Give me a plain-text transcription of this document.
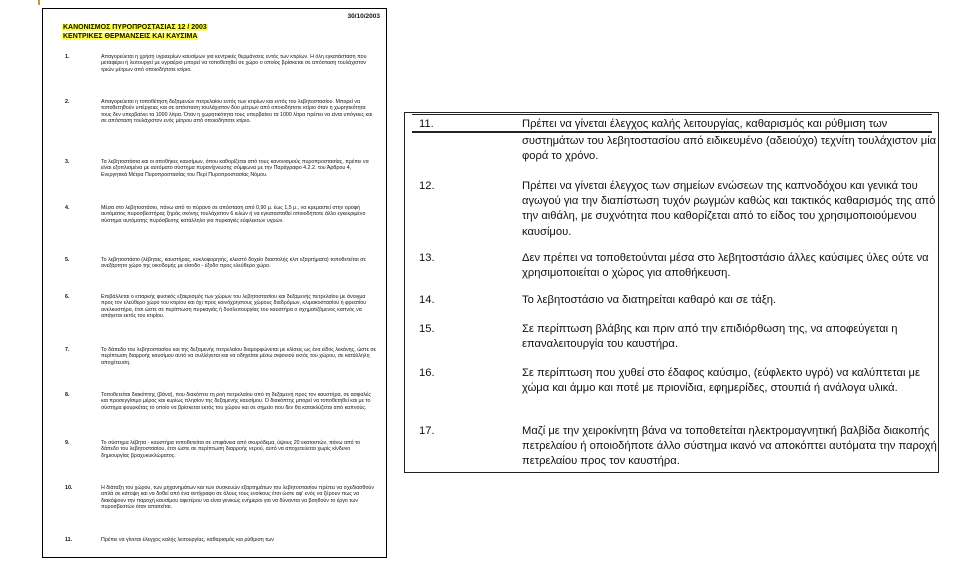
30/10/2003
ΚΑΝΟΝΙΣΜΟΣ ΠΥΡΟΠΡΟΣΤΑΣΙΑΣ 12 / 2003
ΚΕΝΤΡΙΚΕΣ ΘΕΡΜΑΝΣΕΙΣ ΚΑΙ ΚΑΥΣΙΜΑ
1.	Απαγορεύεται η χρήση υγραερίων καυσίμων για κεντρικές θερμάνσεις εντός των κτιρίων. Η όλη εγκατάσταση που μεταφέρει ή λειτουργεί με υγραέριο μπορεί να τοποθετηθεί σε χώρο ο οποίος βρίσκεται σε απόσταση τουλάχιστον τριών μέτρων από οποιοδήποτε κτίριο.
2.	Απαγορεύεται η τοποθέτηση δεξαμενών πετρελαίου εντός των κτιρίων και εντός του λεβητοστασίου. Μπορεί να τοποθετηθούν υπέργειες και σε απόσταση τουλάχιστον δύο μέτρων από οποιοδήποτε κτίριο όταν η χωρητικότητα τους δεν υπερβαίνει τα 1000 λίτρα. Όταν η χωρητικότητα τους υπερβαίνει τα 1000 λίτρα πρέπει να είναι υπόγειες και σε απόσταση τουλάχιστον ενός μέτρου από οποιοδήποτε κτίριο.
3.	Τα λεβητοστάσια και οι αποθήκες καυσίμων, όπου καθορίζεται από τους κανονισμούς πυροπροστασίας, πρέπει να είναι εξοπλισμένα με αυτόματο σύστημα πυρανίχνευσης σύμφωνα με την Παράγραφο 4.2.2. του Άρθρου 4, Ενεργητικά Μέτρα Πυροπροστασίας του Περί Πυροπροστασίας Νόμου.
4.	Μέσα στο λεβητοστάσιο, πάνω από το πύρανο σε απόσταση από 0,90 μ. έως 1,5 μ., να κρεμαστεί στην οροφή αυτόματος πυροσβεστήρας ξηράς σκόνης τουλάχιστον 6 κιλών ή να εγκατασταθεί οποιοδήποτε άλλο εγκεκριμένο σύστημα αυτόματης πυρόσβεσης κατάλληλο για πυρκαγιές εύφλεκτων υγρών.
5.	Το λεβητοστάσιο (λέβητας, καυστήρας, κυκλοφορητής, κλειστό δοχείο διαστολής κλπ εξαρτήματα) τοποθετείται σε ανεξάρτητο χώρο της οικοδομής με είσοδο - έξοδο προς ελεύθερο χώρο.
6.	Επιβάλλεται ο επαρκής φυσικός εξαερισμός των χώρων του λεβητοστασίου και δεξαμενής πετρελαίου με άνοιγμα προς τον ελεύθερο χώρο του κτιρίου και όχι προς κοινόχρηστους χώρους διαδρόμων, κλιμακοστασίου ή φρεατίου ανελκυστήρα, έτσι ώστε σε περίπτωση πυρκαγιάς ή δυσλειτουργίας του καυστήρα ο σχηματιζόμενος καπνός να απάγεται εκτός του κτιρίου.
7.	Το δάπεδο του λεβητοστασίου και της δεξαμενής πετρελαίου διαμορφώνεται με κλίσεις ως ένα είδος λεκάνης, ώστε σε περίπτωση διαρροής καυσίμου αυτό να συλλέγεται και να οδηγείται μέσω σιφονιού εκτός του χώρου, σε κατάλληλη αποχέτευση.
8.	Τοποθετείται διακόπτης (βάνα), που διακόπτει τη ροή πετρελαίου από τη δεξαμενή προς τον καυστήρα, σε ασφαλές και προσεγγίσιμο μέρος και κυρίως πλησίον της δεξαμενής καυσίμου. Ο διακόπτης μπορεί να τοποθετηθεί και με το σύστημα φουρκέτας το οποίο να βρίσκεται εκτός του χώρου και σε σημείο που δεν θα κατακλύζεται από καπνούς.
9.	Το σύστημα λέβητα - καυστήρα τοποθετείται σε επιφάνεια από σκυρόδεμα, ύψους 20 εκατοστών, πάνω από το δάπεδο του λεβητοστασίου, έτσι ώστε σε περίπτωση διαρροής νερού, αυτό να αποχετεύεται χωρίς κίνδυνο δημιουργίας βραχυκυκλώματος.
10.	Η διάταξη του χώρου, των μηχανημάτων και των συσκευών εξαρτημάτων του λεβητοστασίου πρέπει να σχεδιασθούν απλά σε κάτοψη και να δοθεί από ένα αντίγραφο σε όλους τους ενοίκους έτσι ώστε αφ' ενός να ξέρουν πως να διακόψουν την παροχή καυσίμου αφετέρου να είναι γενικώς ενήμεροι για να δύνανται να βοηθούν το έργο των πυροσβεστών όταν απαιτείται.
11.	Πρέπει να γίνεται έλεγχος καλής λειτουργίας, καθαρισμός και ρύθμιση των
11.	Πρέπει να γίνεται έλεγχος καλής λειτουργίας, καθαρισμός και ρύθμιση των
συστημάτων του λεβητοστασίου από ειδικευμένο (αδειούχο) τεχνίτη τουλάχιστον μία φορά το χρόνο.
12.	Πρέπει να γίνεται έλεγχος των σημείων ενώσεων της καπνοδόχου και γενικά του αγωγού για την διαπίστωση τυχόν ρωγμών καθώς και τακτικός καθαρισμός της από την αιθάλη, με συχνότητα που καθορίζεται από το είδος του χρησιμοποιούμενου καυσίμου.
13.	Δεν πρέπει να τοποθετούνται μέσα στο λεβητοστάσιο άλλες καύσιμες ύλες ούτε να χρησιμοποιείται ο χώρος για αποθήκευση.
14.	Το λεβητοστάσιο να διατηρείται καθαρό και σε τάξη.
15.	Σε περίπτωση βλάβης και πριν από την επιδιόρθωση της, να αποφεύγεται η επαναλειτουργία του καυστήρα.
16.	Σε περίπτωση που χυθεί στο έδαφος καύσιμο, (εύφλεκτο υγρό) να καλύπτεται με χώμα και άμμο και ποτέ με πριονίδια, εφημερίδες, στουπιά ή ανάλογα υλικά.
17.	Μαζί με την χειροκίνητη βάνα να τοποθετείται ηλεκτρομαγνητική βαλβίδα διακοπής πετρελαίου ή οποιοδήποτε άλλο σύστημα ικανό να αποκόπτει αυτόματα την παροχή πετρελαίου προς τον καυστήρα.
